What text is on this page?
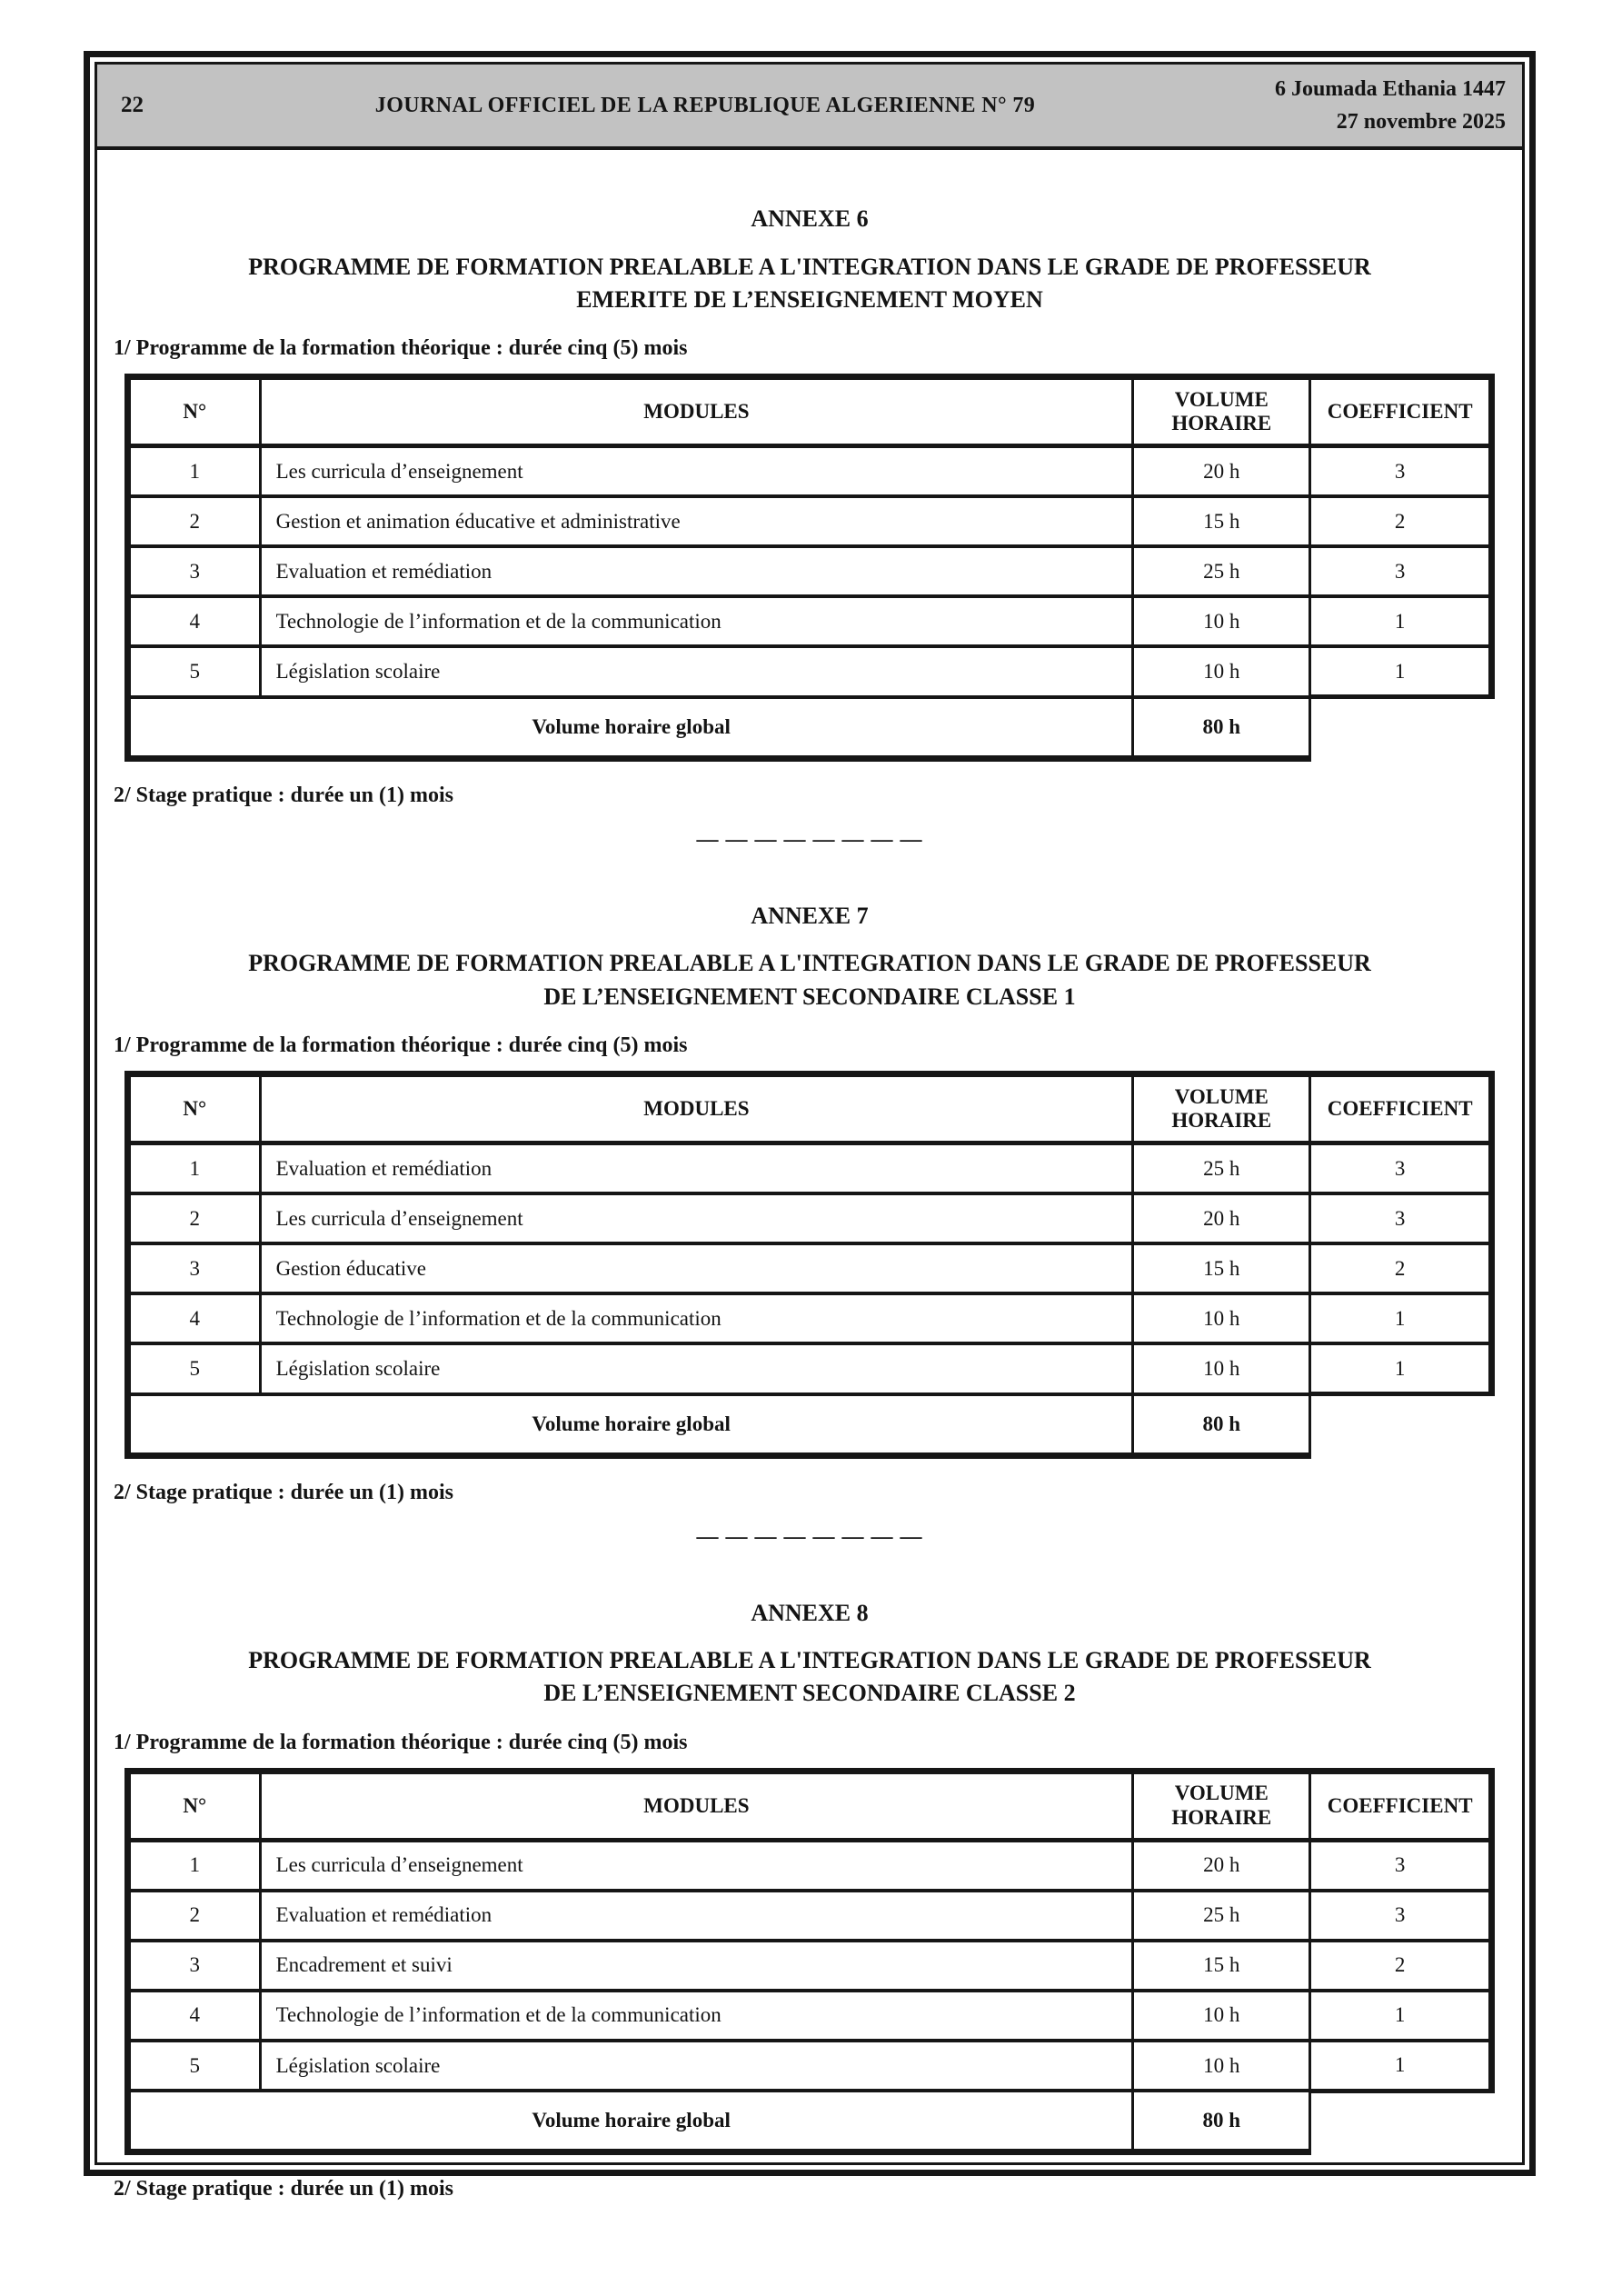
22	JOURNAL OFFICIEL DE LA REPUBLIQUE ALGERIENNE N° 79
6 Joumada Ethania 1447
27 novembre 2025
ANNEXE 6
PROGRAMME DE FORMATION PREALABLE A L'INTEGRATION DANS LE GRADE DE PROFESSEUR
EMERITE DE L’ENSEIGNEMENT MOYEN
1/ Programme de la formation théorique : durée cinq (5) mois
N°	MODULES	VOLUME HORAIRE	COEFFICIENT
1	Les curricula d’enseignement	20 h	3
2	Gestion et animation éducative et administrative	15 h	2
3	Evaluation et remédiation	25 h	3
4	Technologie de l’information et de la communication	10 h	1
5	Législation scolaire	10 h	1
Volume horaire global		80 h	
2/ Stage pratique : durée un (1) mois
— — — — — — — —
ANNEXE 7
PROGRAMME DE FORMATION PREALABLE A L'INTEGRATION DANS LE GRADE DE PROFESSEUR
DE L’ENSEIGNEMENT SECONDAIRE CLASSE 1
1/ Programme de la formation théorique : durée cinq (5) mois
N°	MODULES	VOLUME HORAIRE	COEFFICIENT
1	Evaluation et remédiation	25 h	3
2	Les curricula d’enseignement	20 h	3
3	Gestion éducative	15 h	2
4	Technologie de l’information et de la communication	10 h	1
5	Législation scolaire	10 h	1
Volume horaire global		80 h	
2/ Stage pratique : durée un (1) mois
— — — — — — — —
ANNEXE 8
PROGRAMME DE FORMATION PREALABLE A L'INTEGRATION DANS LE GRADE DE PROFESSEUR
DE L’ENSEIGNEMENT SECONDAIRE CLASSE 2
1/ Programme de la formation théorique : durée cinq (5) mois
N°	MODULES	VOLUME HORAIRE	COEFFICIENT
1	Les curricula d’enseignement	20 h	3
2	Evaluation et remédiation	25 h	3
3	Encadrement et suivi	15 h	2
4	Technologie de l’information et de la communication	10 h	1
5	Législation scolaire	10 h	1
Volume horaire global		80 h	
2/ Stage pratique : durée un (1) mois
